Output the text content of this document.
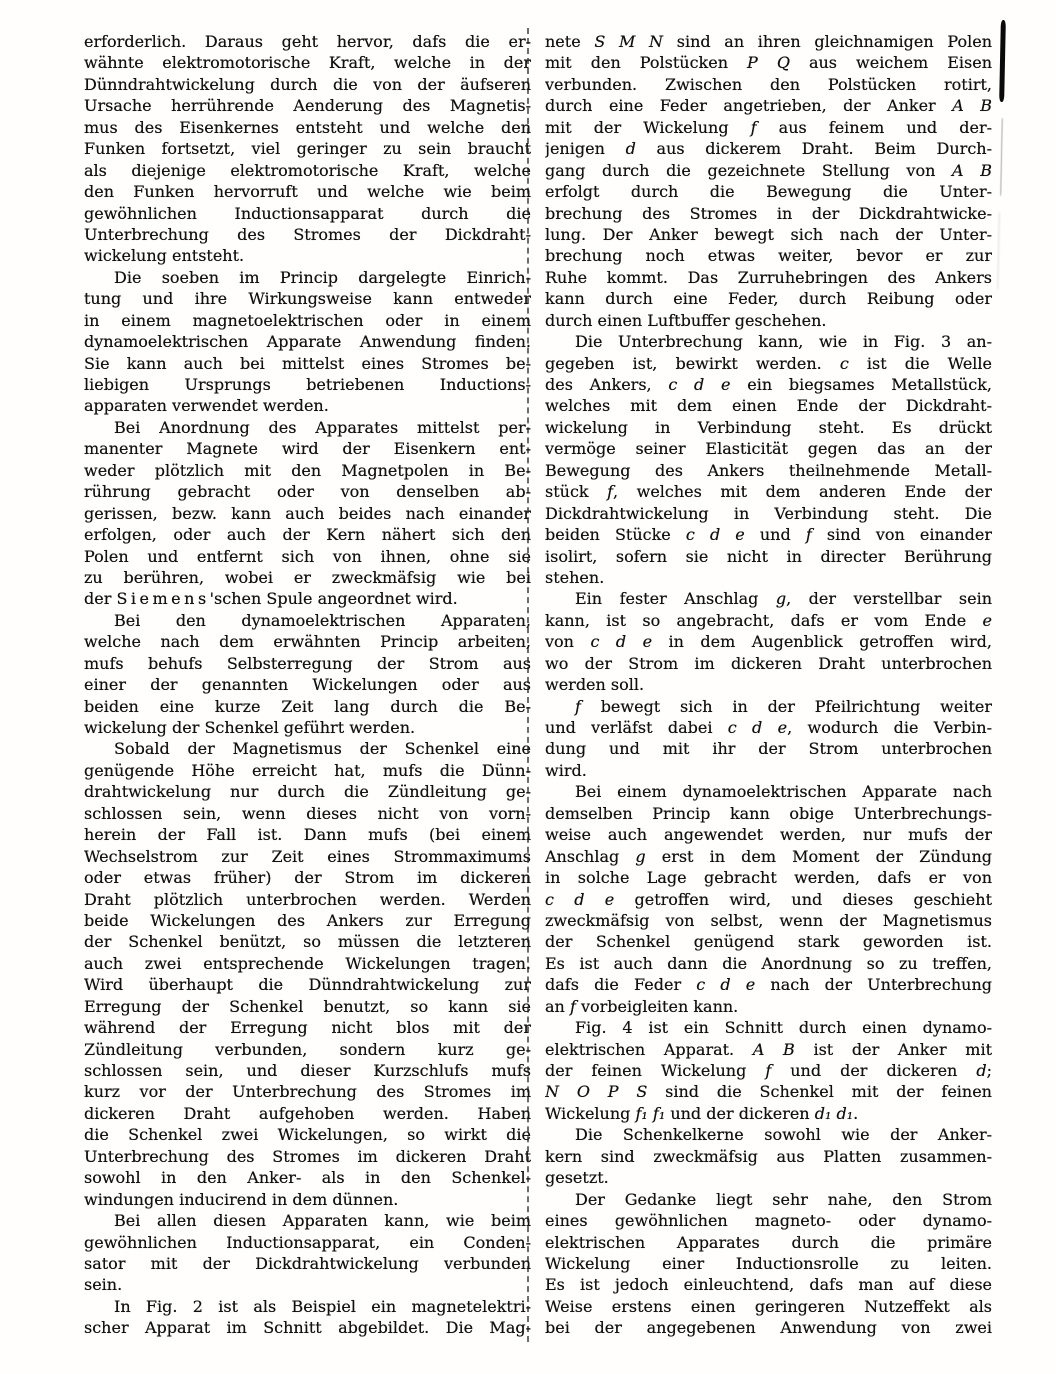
erforderlich. Daraus geht hervor, dafs die er-
wähnte elektromotorische Kraft, welche in der
Dünndrahtwickelung durch die von der äufseren
Ursache herrührende Aenderung des Magnetis-
mus des Eisenkernes entsteht und welche den
Funken fortsetzt, viel geringer zu sein braucht
als diejenige elektromotorische Kraft, welche
den Funken hervorruft und welche wie beim
gewöhnlichen Inductionsapparat durch die
Unterbrechung des Stromes der Dickdraht-
wickelung entsteht.
Die soeben im Princip dargelegte Einrich-
tung und ihre Wirkungsweise kann entweder
in einem magnetoelektrischen oder in einem
dynamoelektrischen Apparate Anwendung finden.
Sie kann auch bei mittelst eines Stromes be-
liebigen Ursprungs betriebenen Inductions-
apparaten verwendet werden.
Bei Anordnung des Apparates mittelst per-
manenter Magnete wird der Eisenkern ent-
weder plötzlich mit den Magnetpolen in Be-
rührung gebracht oder von denselben ab-
gerissen, bezw. kann auch beides nach einander
erfolgen, oder auch der Kern nähert sich den
Polen und entfernt sich von ihnen, ohne sie
zu berühren, wobei er zweckmäfsig wie bei
der Siemens'schen Spule angeordnet wird.
Bei den dynamoelektrischen Apparaten,
welche nach dem erwähnten Princip arbeiten,
mufs behufs Selbsterregung der Strom aus
einer der genannten Wickelungen oder aus
beiden eine kurze Zeit lang durch die Be-
wickelung der Schenkel geführt werden.
Sobald der Magnetismus der Schenkel eine
genügende Höhe erreicht hat, mufs die Dünn-
drahtwickelung nur durch die Zündleitung ge-
schlossen sein, wenn dieses nicht von vorn-
herein der Fall ist. Dann mufs (bei einem
Wechselstrom zur Zeit eines Strommaximums
oder etwas früher) der Strom im dickeren
Draht plötzlich unterbrochen werden. Werden
beide Wickelungen des Ankers zur Erregung
der Schenkel benützt, so müssen die letzteren
auch zwei entsprechende Wickelungen tragen.
Wird überhaupt die Dünndrahtwickelung zur
Erregung der Schenkel benutzt, so kann sie
während der Erregung nicht blos mit der
Zündleitung verbunden, sondern kurz ge-
schlossen sein, und dieser Kurzschlufs mufs
kurz vor der Unterbrechung des Stromes im
dickeren Draht aufgehoben werden. Haben
die Schenkel zwei Wickelungen, so wirkt die
Unterbrechung des Stromes im dickeren Draht
sowohl in den Anker- als in den Schenkel-
windungen inducirend in dem dünnen.
Bei allen diesen Apparaten kann, wie beim
gewöhnlichen Inductionsapparat, ein Conden-
sator mit der Dickdrahtwickelung verbunden
sein.
In Fig. 2 ist als Beispiel ein magnetelektri-
scher Apparat im Schnitt abgebildet. Die Mag-
nete S M N sind an ihren gleichnamigen Polen
mit den Polstücken P Q aus weichem Eisen
verbunden. Zwischen den Polstücken rotirt,
durch eine Feder angetrieben, der Anker A B
mit der Wickelung f aus feinem und der-
jenigen d aus dickerem Draht. Beim Durch-
gang durch die gezeichnete Stellung von A B
erfolgt durch die Bewegung die Unter-
brechung des Stromes in der Dickdrahtwicke-
lung. Der Anker bewegt sich nach der Unter-
brechung noch etwas weiter, bevor er zur
Ruhe kommt. Das Zurruhebringen des Ankers
kann durch eine Feder, durch Reibung oder
durch einen Luftbuffer geschehen.
Die Unterbrechung kann, wie in Fig. 3 an-
gegeben ist, bewirkt werden. c ist die Welle
des Ankers, c d e ein biegsames Metallstück,
welches mit dem einen Ende der Dickdraht-
wickelung in Verbindung steht. Es drückt
vermöge seiner Elasticität gegen das an der
Bewegung des Ankers theilnehmende Metall-
stück f, welches mit dem anderen Ende der
Dickdrahtwickelung in Verbindung steht. Die
beiden Stücke c d e und f sind von einander
isolirt, sofern sie nicht in directer Berührung
stehen.
Ein fester Anschlag g, der verstellbar sein
kann, ist so angebracht, dafs er vom Ende e
von c d e in dem Augenblick getroffen wird,
wo der Strom im dickeren Draht unterbrochen
werden soll.
f bewegt sich in der Pfeilrichtung weiter
und verläfst dabei c d e, wodurch die Verbin-
dung und mit ihr der Strom unterbrochen
wird.
Bei einem dynamoelektrischen Apparate nach
demselben Princip kann obige Unterbrechungs-
weise auch angewendet werden, nur mufs der
Anschlag g erst in dem Moment der Zündung
in solche Lage gebracht werden, dafs er von
c d e getroffen wird, und dieses geschieht
zweckmäfsig von selbst, wenn der Magnetismus
der Schenkel genügend stark geworden ist.
Es ist auch dann die Anordnung so zu treffen,
dafs die Feder c d e nach der Unterbrechung
an f vorbeigleiten kann.
Fig. 4 ist ein Schnitt durch einen dynamo-
elektrischen Apparat. A B ist der Anker mit
der feinen Wickelung f und der dickeren d;
N O P S sind die Schenkel mit der feinen
Wickelung f₁ f₁ und der dickeren d₁ d₁.
Die Schenkelkerne sowohl wie der Anker-
kern sind zweckmäfsig aus Platten zusammen-
gesetzt.
Der Gedanke liegt sehr nahe, den Strom
eines gewöhnlichen magneto- oder dynamo-
elektrischen Apparates durch die primäre
Wickelung einer Inductionsrolle zu leiten.
Es ist jedoch einleuchtend, dafs man auf diese
Weise erstens einen geringeren Nutzeffekt als
bei der angegebenen Anwendung von zwei
